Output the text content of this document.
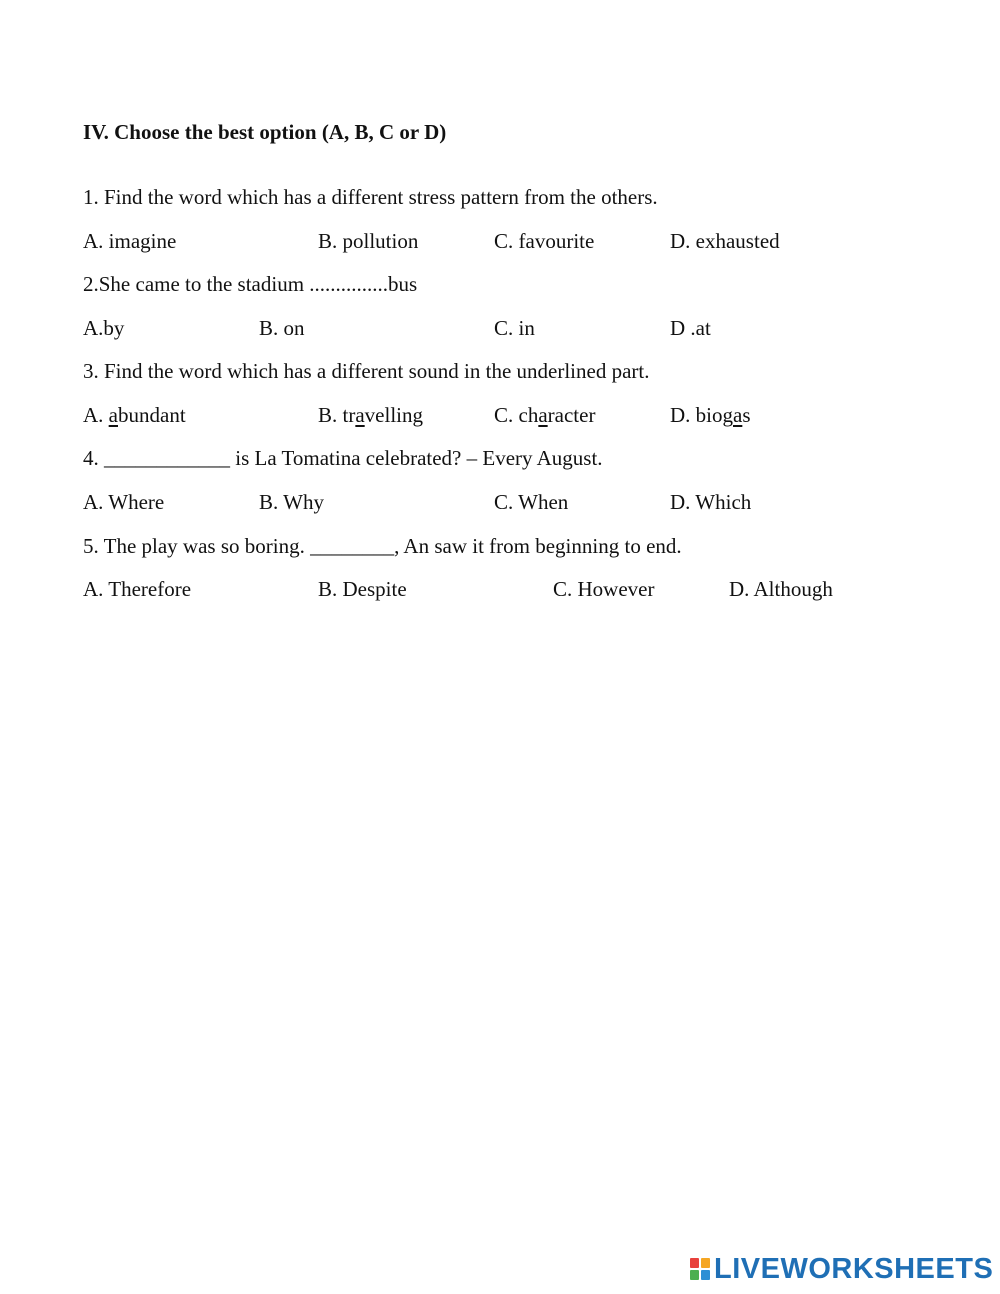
IV. Choose the best option (A, B, C or D)
1. Find the word which has a different stress pattern from the others.
A. imagine	B. pollution	C. favourite	D. exhausted
2.She came to the stadium ...............bus
A.by	B. on	C. in	D .at
3. Find the word which has a different sound in the underlined part.
A. abundant	B. travelling	C. character	D. biogas
4. ____________ is La Tomatina celebrated? – Every August.
A. Where	B. Why	C. When	D. Which
5. The play was so boring. ________, An saw it from beginning to end.
A. Therefore	B. Despite	C. However	D. Although
LIVEWORKSHEETS
